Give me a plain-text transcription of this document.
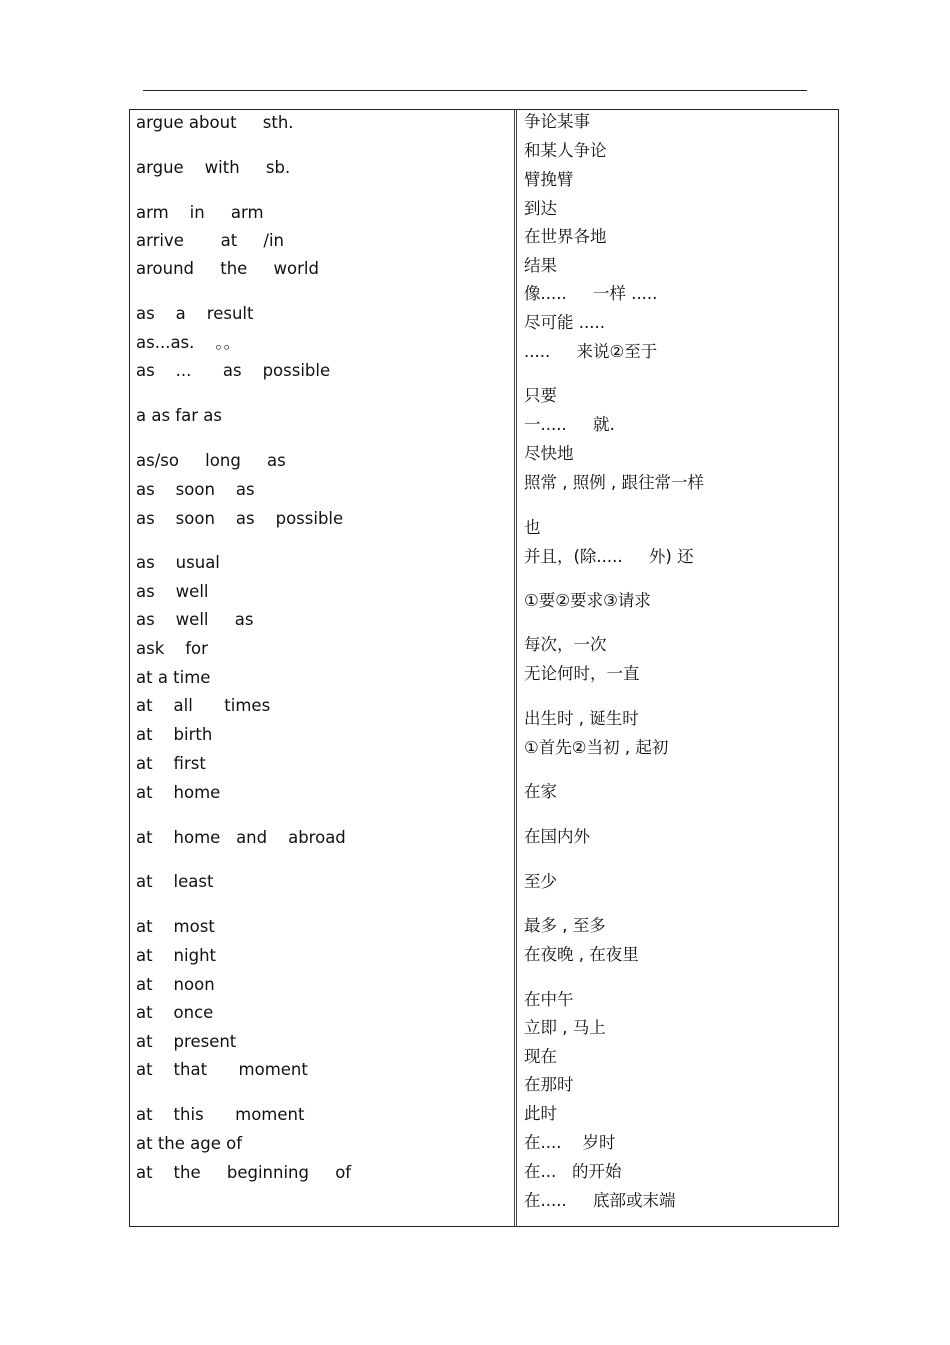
argue about     sth.
argue    with     sb.
arm    in     arm
arrive       at     /in
around     the     world
as    a    result
as...as.    。。
as    ...      as    possible
a as far as
as/so     long     as
as    soon    as
as    soon    as    possible
as    usual
as    well
as    well     as
ask    for
at a time
at    all      times
at    birth
at    first
at    home
at    home   and    abroad
at    least
at    most
at    night
at    noon
at    once
at    present
at    that      moment
at    this      moment
at the age of
at    the     beginning     of
争论某事
和某人争论
臂挽臂
到达
在世界各地
结果
像.....     一样 .....
尽可能 .....
.....     来说②至于
只要
一.....     就.
尽快地
照常 , 照例 , 跟往常一样
也
并且，(除.....     外) 还
①要②要求③请求
每次，一次
无论何时，一直
出生时 , 诞生时
①首先②当初 , 起初
在家
在国内外
至少
最多 , 至多
在夜晚 , 在夜里
在中午
立即 , 马上
现在
在那时
此时
在....    岁时
在...   的开始
在.....     底部或末端
